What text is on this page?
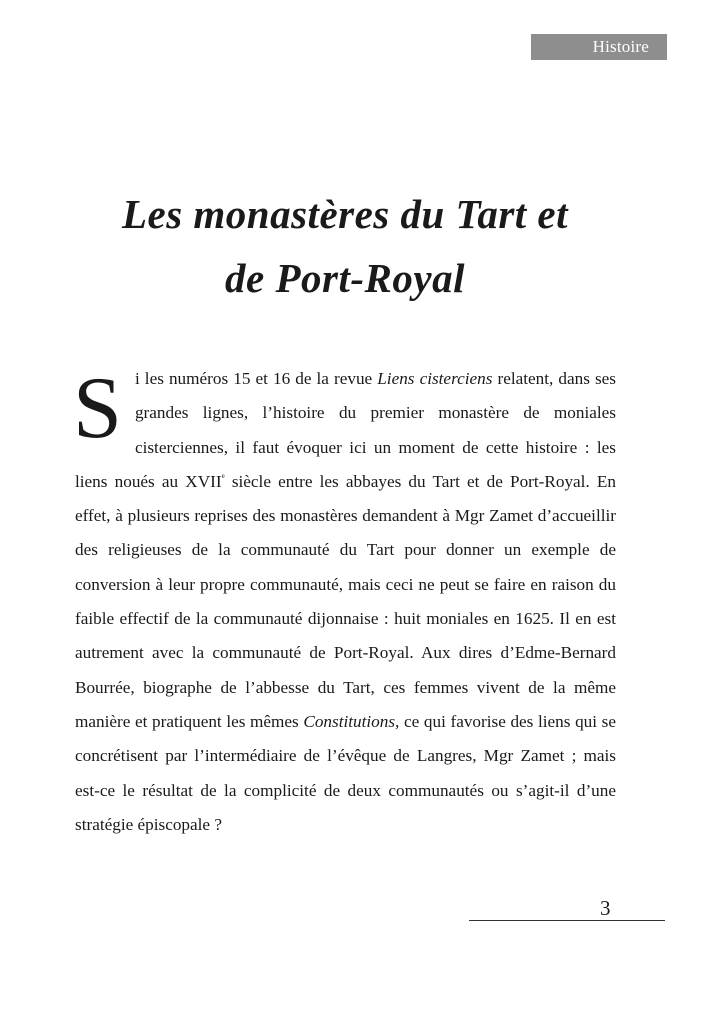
Histoire
Les monastères du Tart et
de Port-Royal
Si les numéros 15 et 16 de la revue Liens cisterciens relatent, dans ses grandes lignes, l’histoire du premier monastère de moniales cisterciennes, il faut évoquer ici un moment de cette histoire : les liens noués au XVIIe siècle entre les abbayes du Tart et de Port-Royal. En effet, à plusieurs reprises des monastères demandent à Mgr Zamet d’accueillir des religieuses de la communauté du Tart pour donner un exemple de conversion à leur propre communauté, mais ceci ne peut se faire en raison du faible effectif de la communauté dijonnaise : huit moniales en 1625. Il en est autrement avec la communauté de Port-Royal. Aux dires d’Edme-Bernard Bourrée, biographe de l’abbesse du Tart, ces femmes vivent de la même manière et pratiquent les mêmes Constitutions, ce qui favorise des liens qui se concrétisent par l’intermédiaire de l’évêque de Langres, Mgr Zamet ; mais est-ce le résultat de la complicité de deux communautés ou s’agit-il d’une stratégie épiscopale ?
3
